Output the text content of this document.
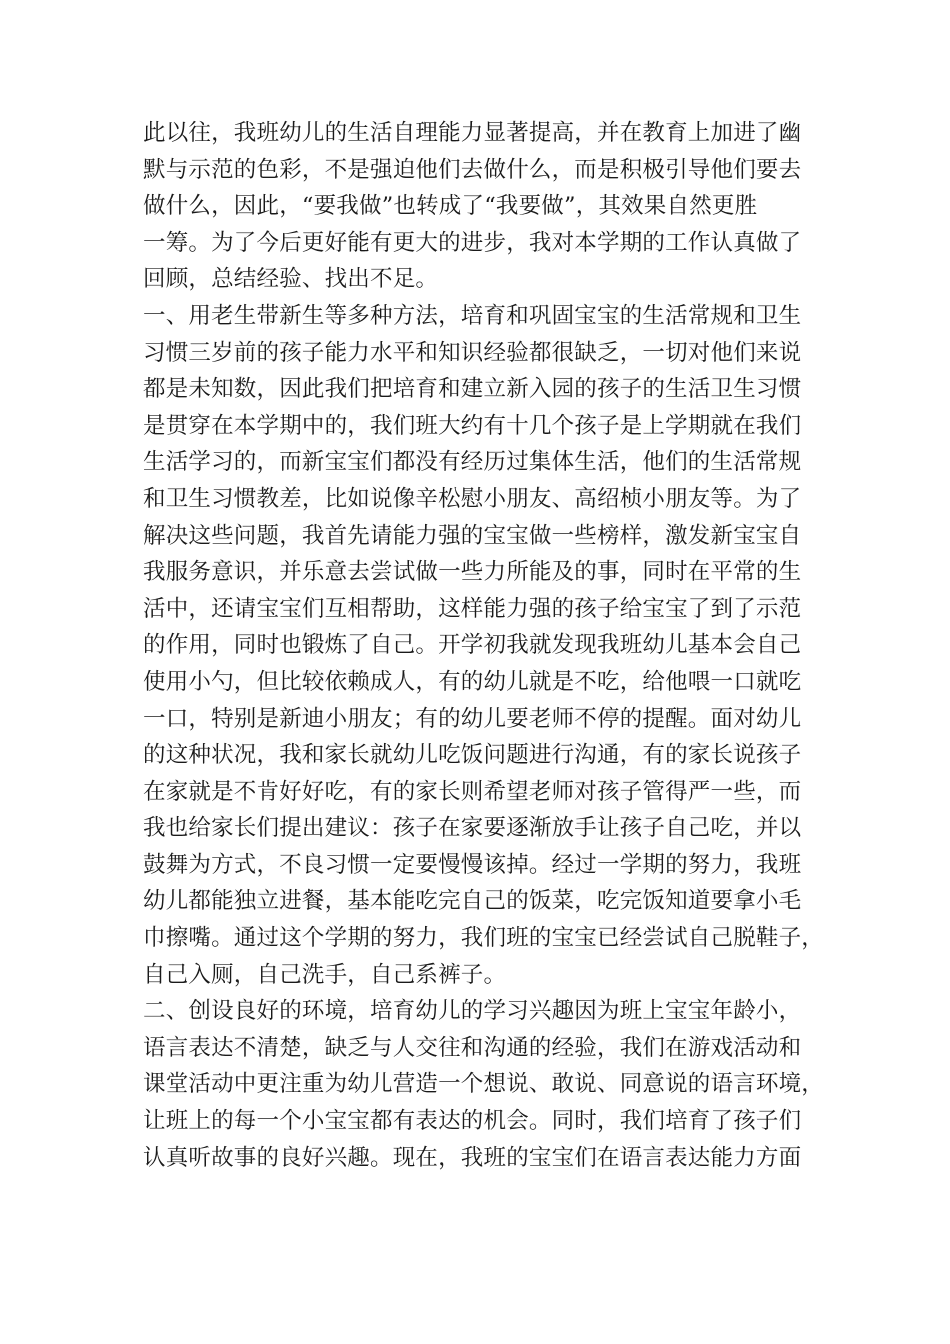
此以往，我班幼儿的生活自理能力显著提高，并在教育上加进了幽
默与示范的色彩，不是强迫他们去做什么，而是积极引导他们要去
做什么，因此，“要我做”也转成了“我要做”，其效果自然更胜
一筹。为了今后更好能有更大的进步，我对本学期的工作认真做了
回顾，总结经验、找出不足。
一、用老生带新生等多种方法，培育和巩固宝宝的生活常规和卫生
习惯三岁前的孩子能力水平和知识经验都很缺乏，一切对他们来说
都是未知数，因此我们把培育和建立新入园的孩子的生活卫生习惯
是贯穿在本学期中的，我们班大约有十几个孩子是上学期就在我们
生活学习的，而新宝宝们都没有经历过集体生活，他们的生活常规
和卫生习惯教差，比如说像辛松慰小朋友、高绍桢小朋友等。为了
解决这些问题，我首先请能力强的宝宝做一些榜样，激发新宝宝自
我服务意识，并乐意去尝试做一些力所能及的事，同时在平常的生
活中，还请宝宝们互相帮助，这样能力强的孩子给宝宝了到了示范
的作用，同时也锻炼了自己。开学初我就发现我班幼儿基本会自己
使用小勺，但比较依赖成人，有的幼儿就是不吃，给他喂一口就吃
一口，特别是新迪小朋友；有的幼儿要老师不停的提醒。面对幼儿
的这种状况，我和家长就幼儿吃饭问题进行沟通，有的家长说孩子
在家就是不肯好好吃，有的家长则希望老师对孩子管得严一些，而
我也给家长们提出建议：孩子在家要逐渐放手让孩子自己吃，并以
鼓舞为方式，不良习惯一定要慢慢该掉。经过一学期的努力，我班
幼儿都能独立进餐，基本能吃完自己的饭菜，吃完饭知道要拿小毛
巾擦嘴。通过这个学期的努力，我们班的宝宝已经尝试自己脱鞋子，
自己入厕，自己洗手，自己系裤子。
二、创设良好的环境，培育幼儿的学习兴趣因为班上宝宝年龄小，
语言表达不清楚，缺乏与人交往和沟通的经验，我们在游戏活动和
课堂活动中更注重为幼儿营造一个想说、敢说、同意说的语言环境，
让班上的每一个小宝宝都有表达的机会。同时，我们培育了孩子们
认真听故事的良好兴趣。现在，我班的宝宝们在语言表达能力方面
